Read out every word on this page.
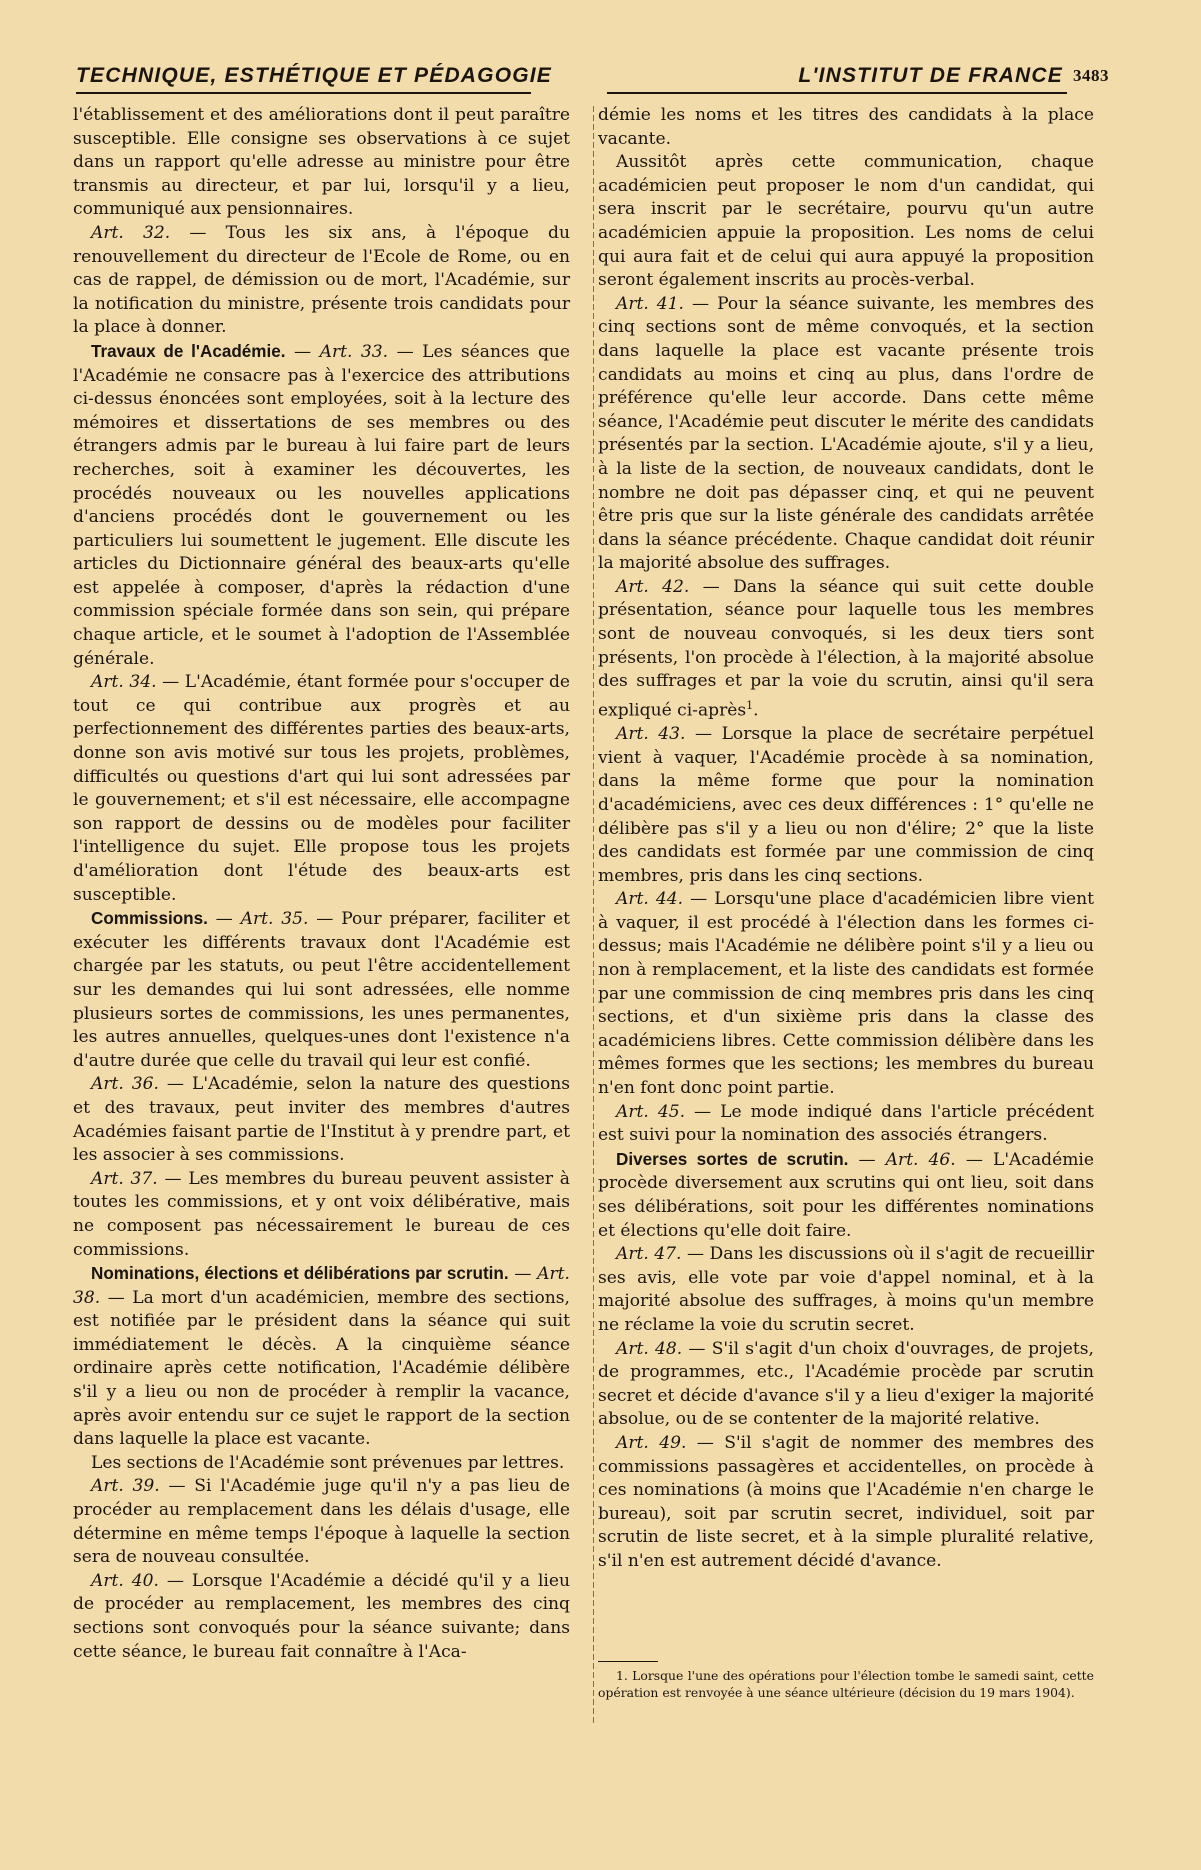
TECHNIQUE, ESTHÉTIQUE ET PÉDAGOGIE	L'INSTITUT DE FRANCE 3483

l'établissement et des améliorations dont il peut paraître susceptible. Elle consigne ses observations à ce sujet dans un rapport qu'elle adresse au ministre pour être transmis au directeur, et par lui, lorsqu'il y a lieu, communiqué aux pensionnaires.

Art. 32. — Tous les six ans, à l'époque du renouvellement du directeur de l'Ecole de Rome, ou en cas de rappel, de démission ou de mort, l'Académie, sur la notification du ministre, présente trois candidats pour la place à donner.

Travaux de l'Académie. — Art. 33. — Les séances que l'Académie ne consacre pas à l'exercice des attributions ci-dessus énoncées sont employées, soit à la lecture des mémoires et dissertations de ses membres ou des étrangers admis par le bureau à lui faire part de leurs recherches, soit à examiner les découvertes, les procédés nouveaux ou les nouvelles applications d'anciens procédés dont le gouvernement ou les particuliers lui soumettent le jugement. Elle discute les articles du Dictionnaire général des beaux-arts qu'elle est appelée à composer, d'après la rédaction d'une commission spéciale formée dans son sein, qui prépare chaque article, et le soumet à l'adoption de l'Assemblée générale.

Art. 34. — L'Académie, étant formée pour s'occuper de tout ce qui contribue aux progrès et au perfectionnement des différentes parties des beaux-arts, donne son avis motivé sur tous les projets, problèmes, difficultés ou questions d'art qui lui sont adressées par le gouvernement; et s'il est nécessaire, elle accompagne son rapport de dessins ou de modèles pour faciliter l'intelligence du sujet. Elle propose tous les projets d'amélioration dont l'étude des beaux-arts est susceptible.

Commissions. — Art. 35. — Pour préparer, faciliter et exécuter les différents travaux dont l'Académie est chargée par les statuts, ou peut l'être accidentellement sur les demandes qui lui sont adressées, elle nomme plusieurs sortes de commissions, les unes permanentes, les autres annuelles, quelques-unes dont l'existence n'a d'autre durée que celle du travail qui leur est confié.

Art. 36. — L'Académie, selon la nature des questions et des travaux, peut inviter des membres d'autres Académies faisant partie de l'Institut à y prendre part, et les associer à ses commissions.

Art. 37. — Les membres du bureau peuvent assister à toutes les commissions, et y ont voix délibérative, mais ne composent pas nécessairement le bureau de ces commissions.

Nominations, élections et délibérations par scrutin. — Art. 38. — La mort d'un académicien, membre des sections, est notifiée par le président dans la séance qui suit immédiatement le décès. A la cinquième séance ordinaire après cette notification, l'Académie délibère s'il y a lieu ou non de procéder à remplir la vacance, après avoir entendu sur ce sujet le rapport de la section dans laquelle la place est vacante.

Les sections de l'Académie sont prévenues par lettres.

Art. 39. — Si l'Académie juge qu'il n'y a pas lieu de procéder au remplacement dans les délais d'usage, elle détermine en même temps l'époque à laquelle la section sera de nouveau consultée.

Art. 40. — Lorsque l'Académie a décidé qu'il y a lieu de procéder au remplacement, les membres des cinq sections sont convoqués pour la séance suivante; dans cette séance, le bureau fait connaître à l'Aca-

démie les noms et les titres des candidats à la place vacante.

Aussitôt après cette communication, chaque académicien peut proposer le nom d'un candidat, qui sera inscrit par le secrétaire, pourvu qu'un autre académicien appuie la proposition. Les noms de celui qui aura fait et de celui qui aura appuyé la proposition seront également inscrits au procès-verbal.

Art. 41. — Pour la séance suivante, les membres des cinq sections sont de même convoqués, et la section dans laquelle la place est vacante présente trois candidats au moins et cinq au plus, dans l'ordre de préférence qu'elle leur accorde. Dans cette même séance, l'Académie peut discuter le mérite des candidats présentés par la section. L'Académie ajoute, s'il y a lieu, à la liste de la section, de nouveaux candidats, dont le nombre ne doit pas dépasser cinq, et qui ne peuvent être pris que sur la liste générale des candidats arrêtée dans la séance précédente. Chaque candidat doit réunir la majorité absolue des suffrages.

Art. 42. — Dans la séance qui suit cette double présentation, séance pour laquelle tous les membres sont de nouveau convoqués, si les deux tiers sont présents, l'on procède à l'élection, à la majorité absolue des suffrages et par la voie du scrutin, ainsi qu'il sera expliqué ci-après$^1$.

Art. 43. — Lorsque la place de secrétaire perpétuel vient à vaquer, l'Académie procède à sa nomination, dans la même forme que pour la nomination d'académiciens, avec ces deux différences : 1° qu'elle ne délibère pas s'il y a lieu ou non d'élire; 2° que la liste des candidats est formée par une commission de cinq membres, pris dans les cinq sections.

Art. 44. — Lorsqu'une place d'académicien libre vient à vaquer, il est procédé à l'élection dans les formes ci-dessus; mais l'Académie ne délibère point s'il y a lieu ou non à remplacement, et la liste des candidats est formée par une commission de cinq membres pris dans les cinq sections, et d'un sixième pris dans la classe des académiciens libres. Cette commission délibère dans les mêmes formes que les sections; les membres du bureau n'en font donc point partie.

Art. 45. — Le mode indiqué dans l'article précédent est suivi pour la nomination des associés étrangers.

Diverses sortes de scrutin. — Art. 46. — L'Académie procède diversement aux scrutins qui ont lieu, soit dans ses délibérations, soit pour les différentes nominations et élections qu'elle doit faire.

Art. 47. — Dans les discussions où il s'agit de recueillir ses avis, elle vote par voie d'appel nominal, et à la majorité absolue des suffrages, à moins qu'un membre ne réclame la voie du scrutin secret.

Art. 48. — S'il s'agit d'un choix d'ouvrages, de projets, de programmes, etc., l'Académie procède par scrutin secret et décide d'avance s'il y a lieu d'exiger la majorité absolue, ou de se contenter de la majorité relative.

Art. 49. — S'il s'agit de nommer des membres des commissions passagères et accidentelles, on procède à ces nominations (à moins que l'Académie n'en charge le bureau), soit par scrutin secret, individuel, soit par scrutin de liste secret, et à la simple pluralité relative, s'il n'en est autrement décidé d'avance.

1. Lorsque l'une des opérations pour l'élection tombe le samedi saint, cette opération est renvoyée à une séance ultérieure (décision du 19 mars 1904).
